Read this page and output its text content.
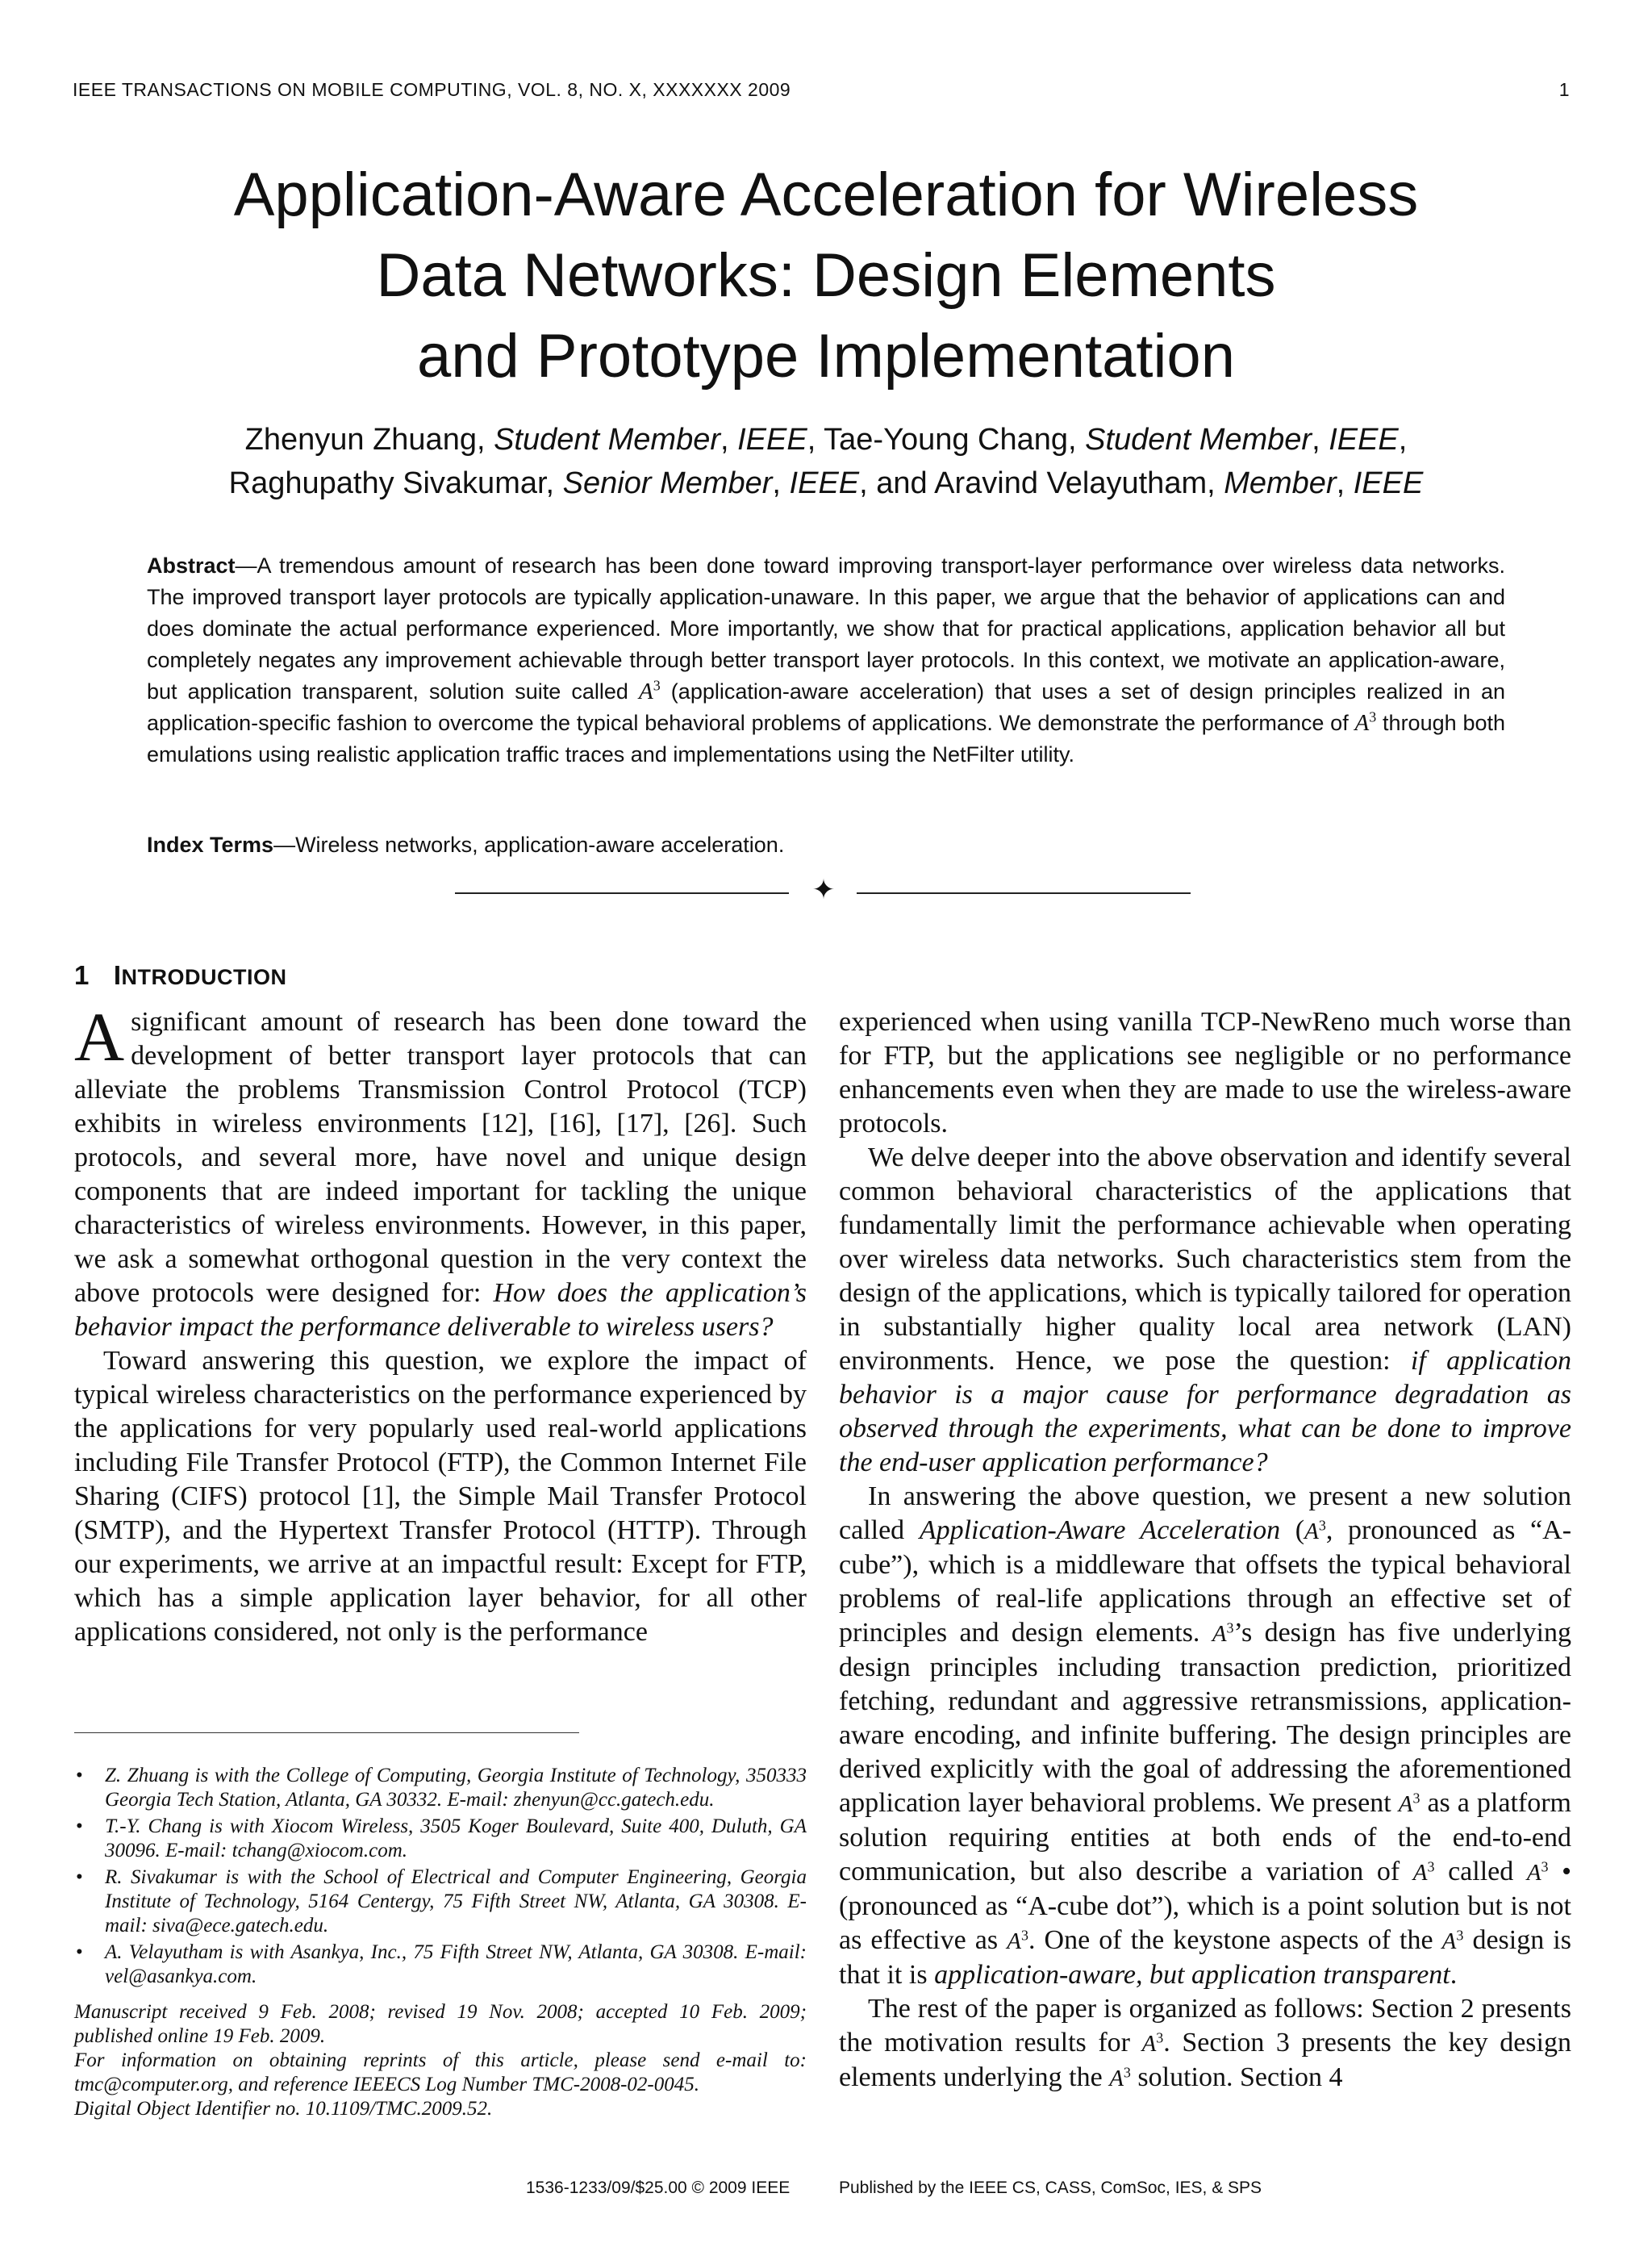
IEEE TRANSACTIONS ON MOBILE COMPUTING, VOL. 8, NO. X, XXXXXXX 2009	1
Application-Aware Acceleration for Wireless
Data Networks: Design Elements
and Prototype Implementation
Zhenyun Zhuang, Student Member, IEEE, Tae-Young Chang, Student Member, IEEE,
Raghupathy Sivakumar, Senior Member, IEEE, and Aravind Velayutham, Member, IEEE
Abstract—A tremendous amount of research has been done toward improving transport-layer performance over wireless data networks. The improved transport layer protocols are typically application-unaware. In this paper, we argue that the behavior of applications can and does dominate the actual performance experienced. More importantly, we show that for practical applications, application behavior all but completely negates any improvement achievable through better transport layer protocols. In this context, we motivate an application-aware, but application transparent, solution suite called $A^3$ (application-aware acceleration) that uses a set of design principles realized in an application-specific fashion to overcome the typical behavioral problems of applications. We demonstrate the performance of $A^3$ through both emulations using realistic application traffic traces and implementations using the NetFilter utility.
Index Terms—Wireless networks, application-aware acceleration.
✦
1 INTRODUCTION

A significant amount of research has been done toward the development of better transport layer protocols that can alleviate the problems Transmission Control Protocol (TCP) exhibits in wireless environments [12], [16], [17], [26]. Such protocols, and several more, have novel and unique design components that are indeed important for tackling the unique characteristics of wireless environments. However, in this paper, we ask a somewhat orthogonal question in the very context the above protocols were designed for: How does the application’s behavior impact the performance deliverable to wireless users?

Toward answering this question, we explore the impact of typical wireless characteristics on the performance experienced by the applications for very popularly used real-world applications including File Transfer Protocol (FTP), the Common Internet File Sharing (CIFS) protocol [1], the Simple Mail Transfer Protocol (SMTP), and the Hypertext Transfer Protocol (HTTP). Through our experiments, we arrive at an impactful result: Except for FTP, which has a simple application layer behavior, for all other applications considered, not only is the performance

• Z. Zhuang is with the College of Computing, Georgia Institute of Technology, 350333 Georgia Tech Station, Atlanta, GA 30332. E-mail: zhenyun@cc.gatech.edu.
• T.-Y. Chang is with Xiocom Wireless, 3505 Koger Boulevard, Suite 400, Duluth, GA 30096. E-mail: tchang@xiocom.com.
• R. Sivakumar is with the School of Electrical and Computer Engineering, Georgia Institute of Technology, 5164 Centergy, 75 Fifth Street NW, Atlanta, GA 30308. E-mail: siva@ece.gatech.edu.
• A. Velayutham is with Asankya, Inc., 75 Fifth Street NW, Atlanta, GA 30308. E-mail: vel@asankya.com.
Manuscript received 9 Feb. 2008; revised 19 Nov. 2008; accepted 10 Feb. 2009; published online 19 Feb. 2009.
For information on obtaining reprints of this article, please send e-mail to: tmc@computer.org, and reference IEEECS Log Number TMC-2008-02-0045.
Digital Object Identifier no. 10.1109/TMC.2009.52.

experienced when using vanilla TCP-NewReno much worse than for FTP, but the applications see negligible or no performance enhancements even when they are made to use the wireless-aware protocols.

We delve deeper into the above observation and identify several common behavioral characteristics of the applications that fundamentally limit the performance achievable when operating over wireless data networks. Such characteristics stem from the design of the applications, which is typically tailored for operation in substantially higher quality local area network (LAN) environments. Hence, we pose the question: if application behavior is a major cause for performance degradation as observed through the experiments, what can be done to improve the end-user application performance?

In answering the above question, we present a new solution called Application-Aware Acceleration ($A^3$, pronounced as “A-cube”), which is a middleware that offsets the typical behavioral problems of real-life applications through an effective set of principles and design elements. $A^3’s$ design has five underlying design principles including transaction prediction, prioritized fetching, redundant and aggressive retransmissions, application-aware encoding, and infinite buffering. The design principles are derived explicitly with the goal of addressing the aforementioned application layer behavioral problems. We present $A^3$ as a platform solution requiring entities at both ends of the end-to-end communication, but also describe a variation of $A^3$ called $A^3$ • (pronounced as “A-cube dot”), which is a point solution but is not as effective as $A^3$. One of the keystone aspects of the $A^3$ design is that it is application-aware, but application transparent.

The rest of the paper is organized as follows: Section 2 presents the motivation results for $A^3$. Section 3 presents the key design elements underlying the $A^3$ solution. Section 4

1536-1233/09/$25.00 © 2009 IEEE	Published by the IEEE CS, CASS, ComSoc, IES, & SPS
